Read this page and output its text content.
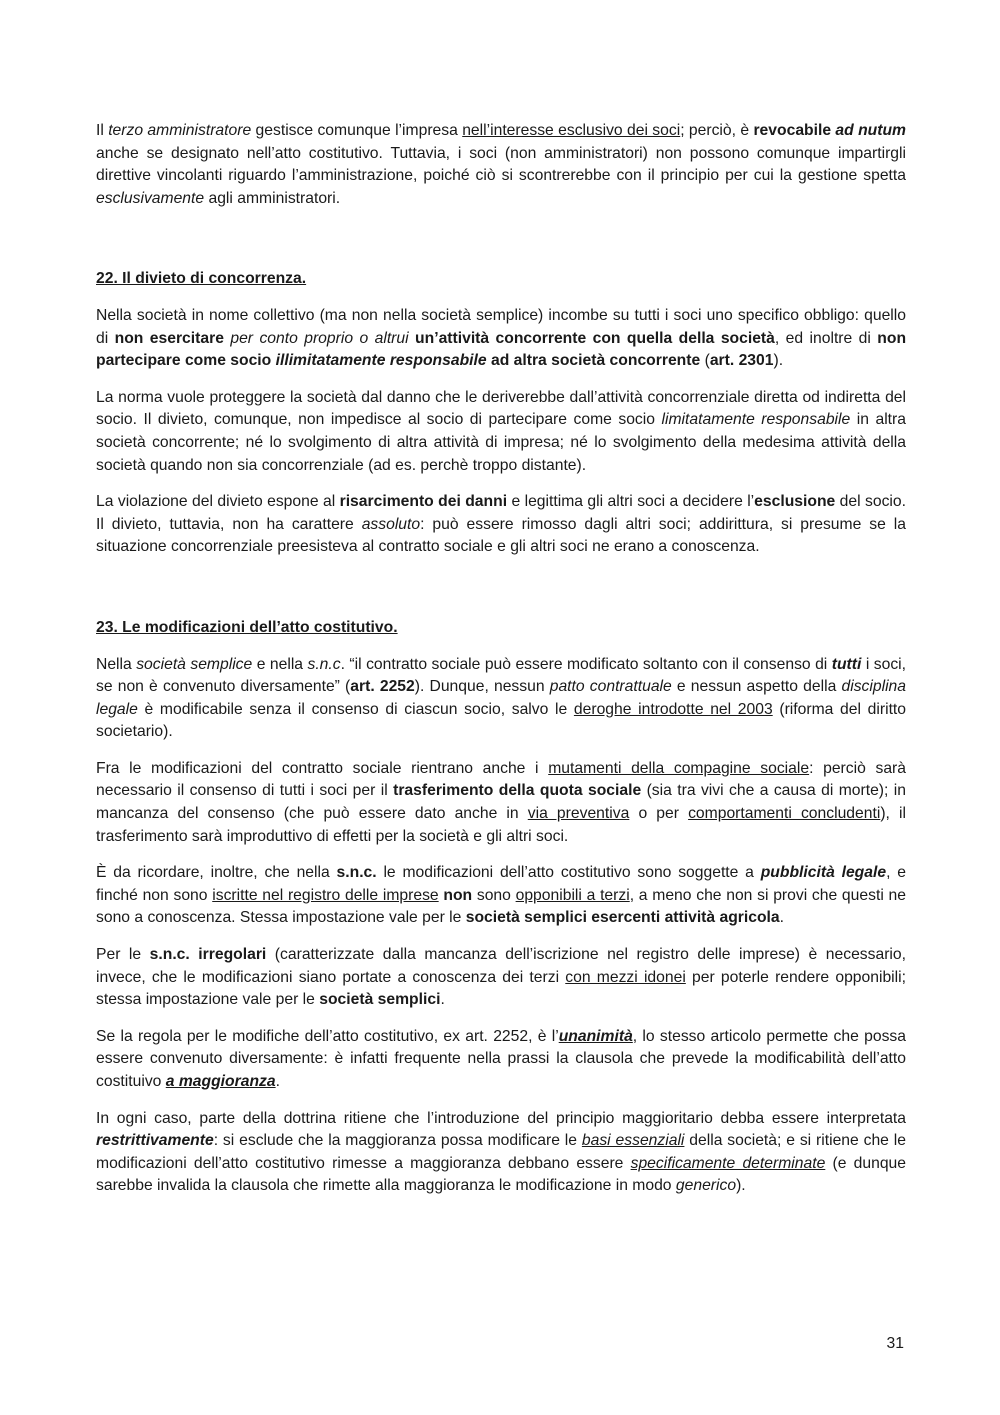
Il terzo amministratore gestisce comunque l’impresa nell’interesse esclusivo dei soci; perciò, è revocabile ad nutum anche se designato nell’atto costitutivo. Tuttavia, i soci (non amministratori) non possono comunque impartirgli direttive vincolanti riguardo l’amministrazione, poiché ciò si scontrerebbe con il principio per cui la gestione spetta esclusivamente agli amministratori.

22. Il divieto di concorrenza.

Nella società in nome collettivo (ma non nella società semplice) incombe su tutti i soci uno specifico obbligo: quello di non esercitare per conto proprio o altrui un’attività concorrente con quella della società, ed inoltre di non partecipare come socio illimitatamente responsabile ad altra società concorrente (art. 2301).

La norma vuole proteggere la società dal danno che le deriverebbe dall’attività concorrenziale diretta od indiretta del socio. Il divieto, comunque, non impedisce al socio di partecipare come socio limitatamente responsabile in altra società concorrente; né lo svolgimento di altra attività di impresa; né lo svolgimento della medesima attività della società quando non sia concorrenziale (ad es. perchè troppo distante).

La violazione del divieto espone al risarcimento dei danni e legittima gli altri soci a decidere l’esclusione del socio. Il divieto, tuttavia, non ha carattere assoluto: può essere rimosso dagli altri soci; addirittura, si presume se la situazione concorrenziale preesisteva al contratto sociale e gli altri soci ne erano a conoscenza.

23. Le modificazioni dell’atto costitutivo.

Nella società semplice e nella s.n.c. “il contratto sociale può essere modificato soltanto con il consenso di tutti i soci, se non è convenuto diversamente” (art. 2252). Dunque, nessun patto contrattuale e nessun aspetto della disciplina legale è modificabile senza il consenso di ciascun socio, salvo le deroghe introdotte nel 2003 (riforma del diritto societario).

Fra le modificazioni del contratto sociale rientrano anche i mutamenti della compagine sociale: perciò sarà necessario il consenso di tutti i soci per il trasferimento della quota sociale (sia tra vivi che a causa di morte); in mancanza del consenso (che può essere dato anche in via preventiva o per comportamenti concludenti), il trasferimento sarà improduttivo di effetti per la società e gli altri soci.

È da ricordare, inoltre, che nella s.n.c. le modificazioni dell’atto costitutivo sono soggette a pubblicità legale, e finché non sono iscritte nel registro delle imprese non sono opponibili a terzi, a meno che non si provi che questi ne sono a conoscenza. Stessa impostazione vale per le società semplici esercenti attività agricola.

Per le s.n.c. irregolari (caratterizzate dalla mancanza dell’iscrizione nel registro delle imprese) è necessario, invece, che le modificazioni siano portate a conoscenza dei terzi con mezzi idonei per poterle rendere opponibili; stessa impostazione vale per le società semplici.

Se la regola per le modifiche dell’atto costitutivo, ex art. 2252, è l’unanimità, lo stesso articolo permette che possa essere convenuto diversamente: è infatti frequente nella prassi la clausola che prevede la modificabilità dell’atto costituivo a maggioranza.

In ogni caso, parte della dottrina ritiene che l’introduzione del principio maggioritario debba essere interpretata restrittivamente: si esclude che la maggioranza possa modificare le basi essenziali della società; e si ritiene che le modificazioni dell’atto costitutivo rimesse a maggioranza debbano essere specificamente determinate (e dunque sarebbe invalida la clausola che rimette alla maggioranza le modificazione in modo generico).

31
